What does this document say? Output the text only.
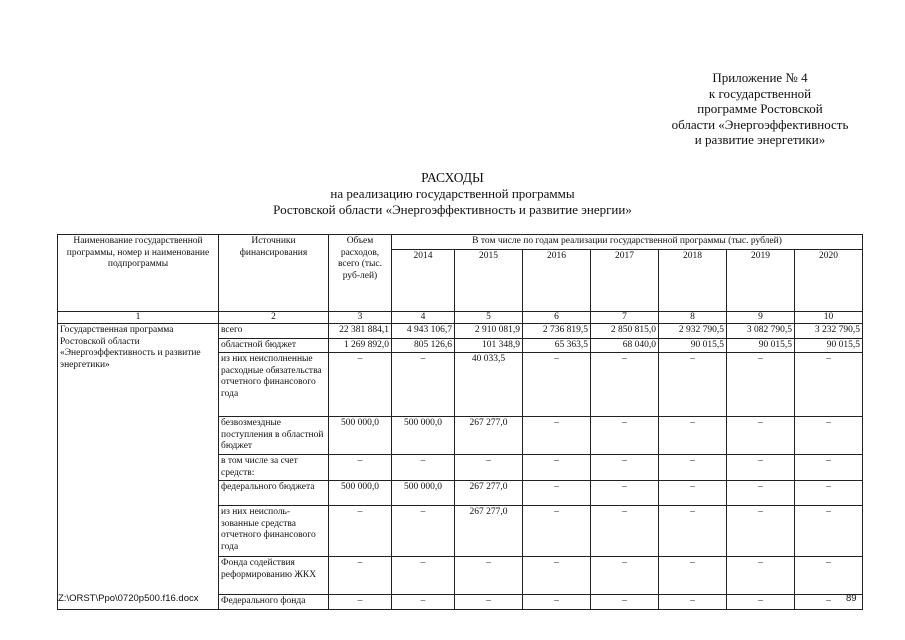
Приложение № 4
к государственной
программе Ростовской
области «Энергоэффективность
и развитие энергетики»
РАСХОДЫ
на реализацию государственной программы
Ростовской области «Энергоэффективность и развитие энергии»
Наименование государственной программы, номер и наименование подпрограммы	Источники финансирования	Объем расходов, всего (тыс. руб-лей)	В том числе по годам реализации государственной программы (тыс. рублей)						
			2014	2015	2016	2017	2018	2019	2020
1	2	3	4	5	6	7	8	9	10
Государственная программа Ростовской области «Энергоэффективность и развитие энергетики»	всего	22 381 884,1	4 943 106,7	2 910 081,9	2 736 819,5	2 850 815,0	2 932 790,5	3 082 790,5	3 232 790,5
	областной бюджет	1 269 892,0	805 126,6	101 348,9	65 363,5	68 040,0	90 015,5	90 015,5	90 015,5
	из них неисполненные расходные обязательства отчетного финансового года	–	–	40 033,5	–	–	–	–	–
	безвозмездные поступления в областной бюджет	500 000,0	500 000,0	267 277,0	–	–	–	–	–
	в том числе за счет средств:	–	–	–	–	–	–	–	–
	федерального бюджета	500 000,0	500 000,0	267 277,0	–	–	–	–	–
	из них неисполь-зованные средства отчетного финансового года	–	–	267 277,0	–	–	–	–	–
	Фонда содействия реформированию ЖКХ	–	–	–	–	–	–	–	–
	Федерального фонда	–	–	–	–	–	–	–	–
Z:\ORST\Ppo\0720p500.f16.docx	89
